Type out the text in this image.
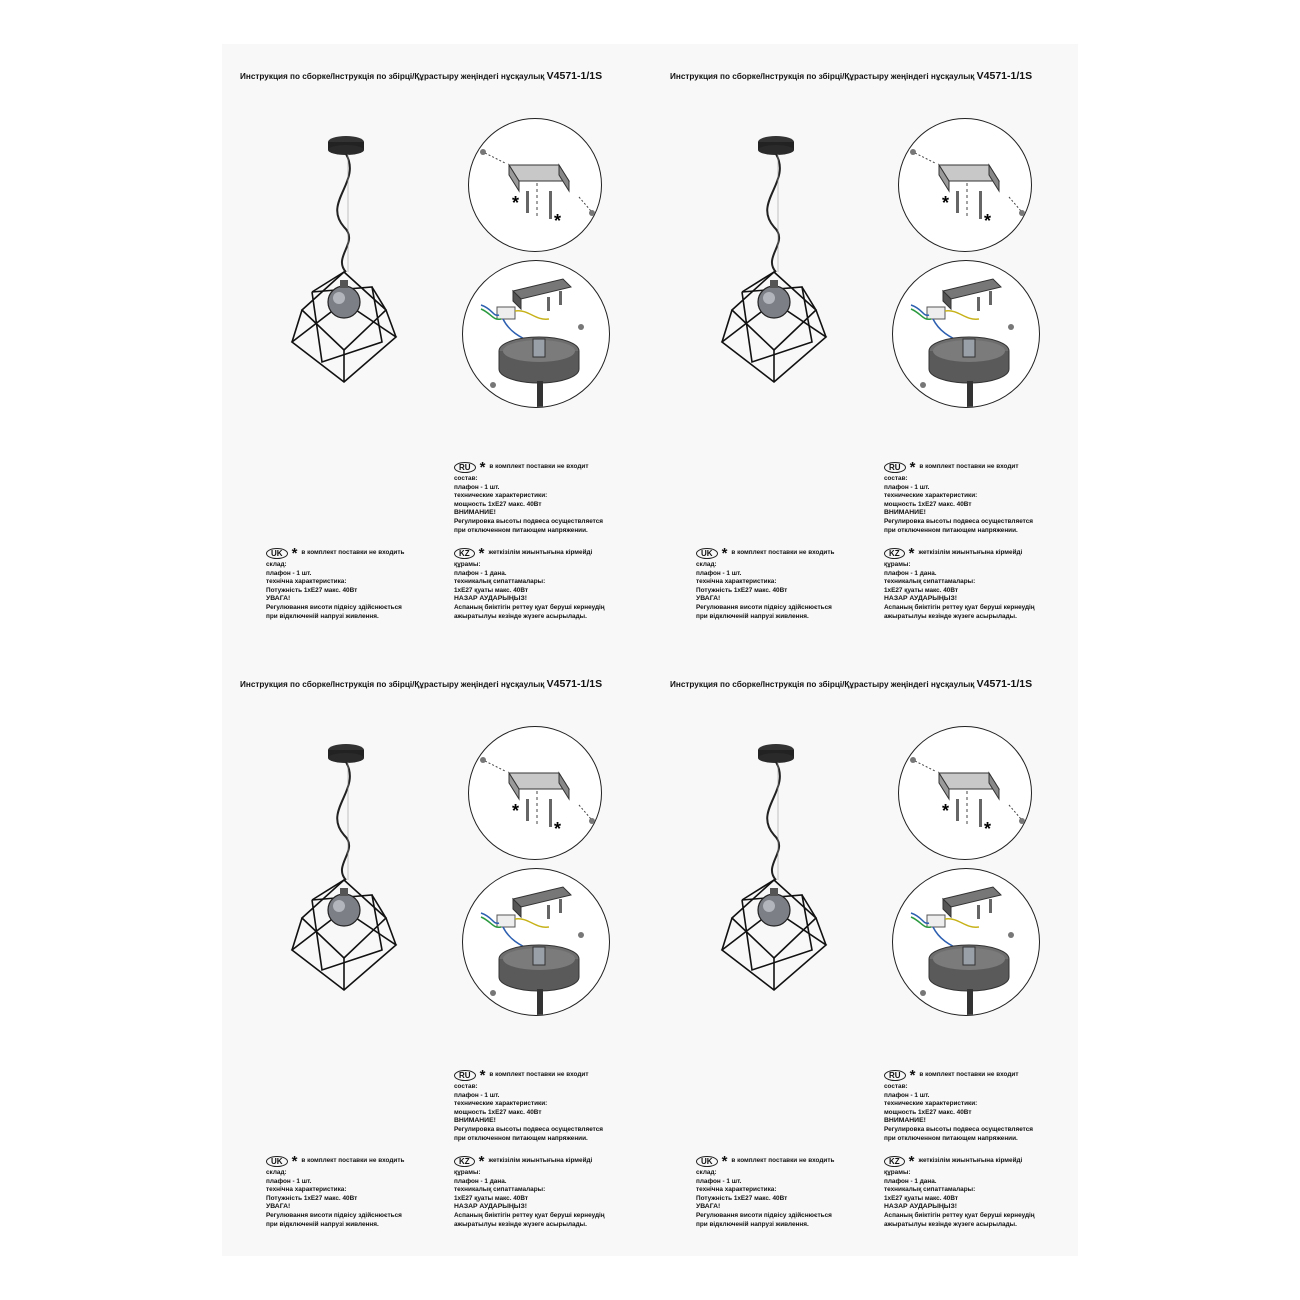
Инструкция по сборке/Інструкція по збірці/Құрастыру жеңіндегі нұсқаулық V4571-1/1S
*
*
RU * в комплект поставки не входит
состав:
плафон - 1 шт.
технические характеристики:
мощность 1xE27 макс. 40Вт
ВНИМАНИЕ!
Регулировка высоты подвеса осуществляется
при отключенном питающем напряжении.
KZ * жеткізілім жиынтығына кірмейді
құрамы:
плафон - 1 дана.
техникалық сипаттамалары:
1xE27 қуаты макс. 40Вт
НАЗАР АУДАРЫҢЫЗ!
Аспаның биіктігін реттеу қуат беруші кернеудің
ажыратылуы кезінде жүзеге асырылады.
UK * в комплект поставки не входить
склад:
плафон - 1 шт.
технічна характеристика:
Потужність 1xE27 макс. 40Вт
УВАГА!
Регулювання висоти підвісу здійснюється
при відключеній напрузі живлення.
Инструкция по сборке/Інструкція по збірці/Құрастыру жеңіндегі нұсқаулық V4571-1/1S
*
*
RU * в комплект поставки не входит
состав:
плафон - 1 шт.
технические характеристики:
мощность 1xE27 макс. 40Вт
ВНИМАНИЕ!
Регулировка высоты подвеса осуществляется
при отключенном питающем напряжении.
KZ * жеткізілім жиынтығына кірмейді
құрамы:
плафон - 1 дана.
техникалық сипаттамалары:
1xE27 қуаты макс. 40Вт
НАЗАР АУДАРЫҢЫЗ!
Аспаның биіктігін реттеу қуат беруші кернеудің
ажыратылуы кезінде жүзеге асырылады.
UK * в комплект поставки не входить
склад:
плафон - 1 шт.
технічна характеристика:
Потужність 1xE27 макс. 40Вт
УВАГА!
Регулювання висоти підвісу здійснюється
при відключеній напрузі живлення.
Инструкция по сборке/Інструкція по збірці/Құрастыру жеңіндегі нұсқаулық V4571-1/1S
*
*
RU * в комплект поставки не входит
состав:
плафон - 1 шт.
технические характеристики:
мощность 1xE27 макс. 40Вт
ВНИМАНИЕ!
Регулировка высоты подвеса осуществляется
при отключенном питающем напряжении.
KZ * жеткізілім жиынтығына кірмейді
құрамы:
плафон - 1 дана.
техникалық сипаттамалары:
1xE27 қуаты макс. 40Вт
НАЗАР АУДАРЫҢЫЗ!
Аспаның биіктігін реттеу қуат беруші кернеудің
ажыратылуы кезінде жүзеге асырылады.
UK * в комплект поставки не входить
склад:
плафон - 1 шт.
технічна характеристика:
Потужність 1xE27 макс. 40Вт
УВАГА!
Регулювання висоти підвісу здійснюється
при відключеній напрузі живлення.
Инструкция по сборке/Інструкція по збірці/Құрастыру жеңіндегі нұсқаулық V4571-1/1S
*
*
RU * в комплект поставки не входит
состав:
плафон - 1 шт.
технические характеристики:
мощность 1xE27 макс. 40Вт
ВНИМАНИЕ!
Регулировка высоты подвеса осуществляется
при отключенном питающем напряжении.
KZ * жеткізілім жиынтығына кірмейді
құрамы:
плафон - 1 дана.
техникалық сипаттамалары:
1xE27 қуаты макс. 40Вт
НАЗАР АУДАРЫҢЫЗ!
Аспаның биіктігін реттеу қуат беруші кернеудің
ажыратылуы кезінде жүзеге асырылады.
UK * в комплект поставки не входить
склад:
плафон - 1 шт.
технічна характеристика:
Потужність 1xE27 макс. 40Вт
УВАГА!
Регулювання висоти підвісу здійснюється
при відключеній напрузі живлення.
